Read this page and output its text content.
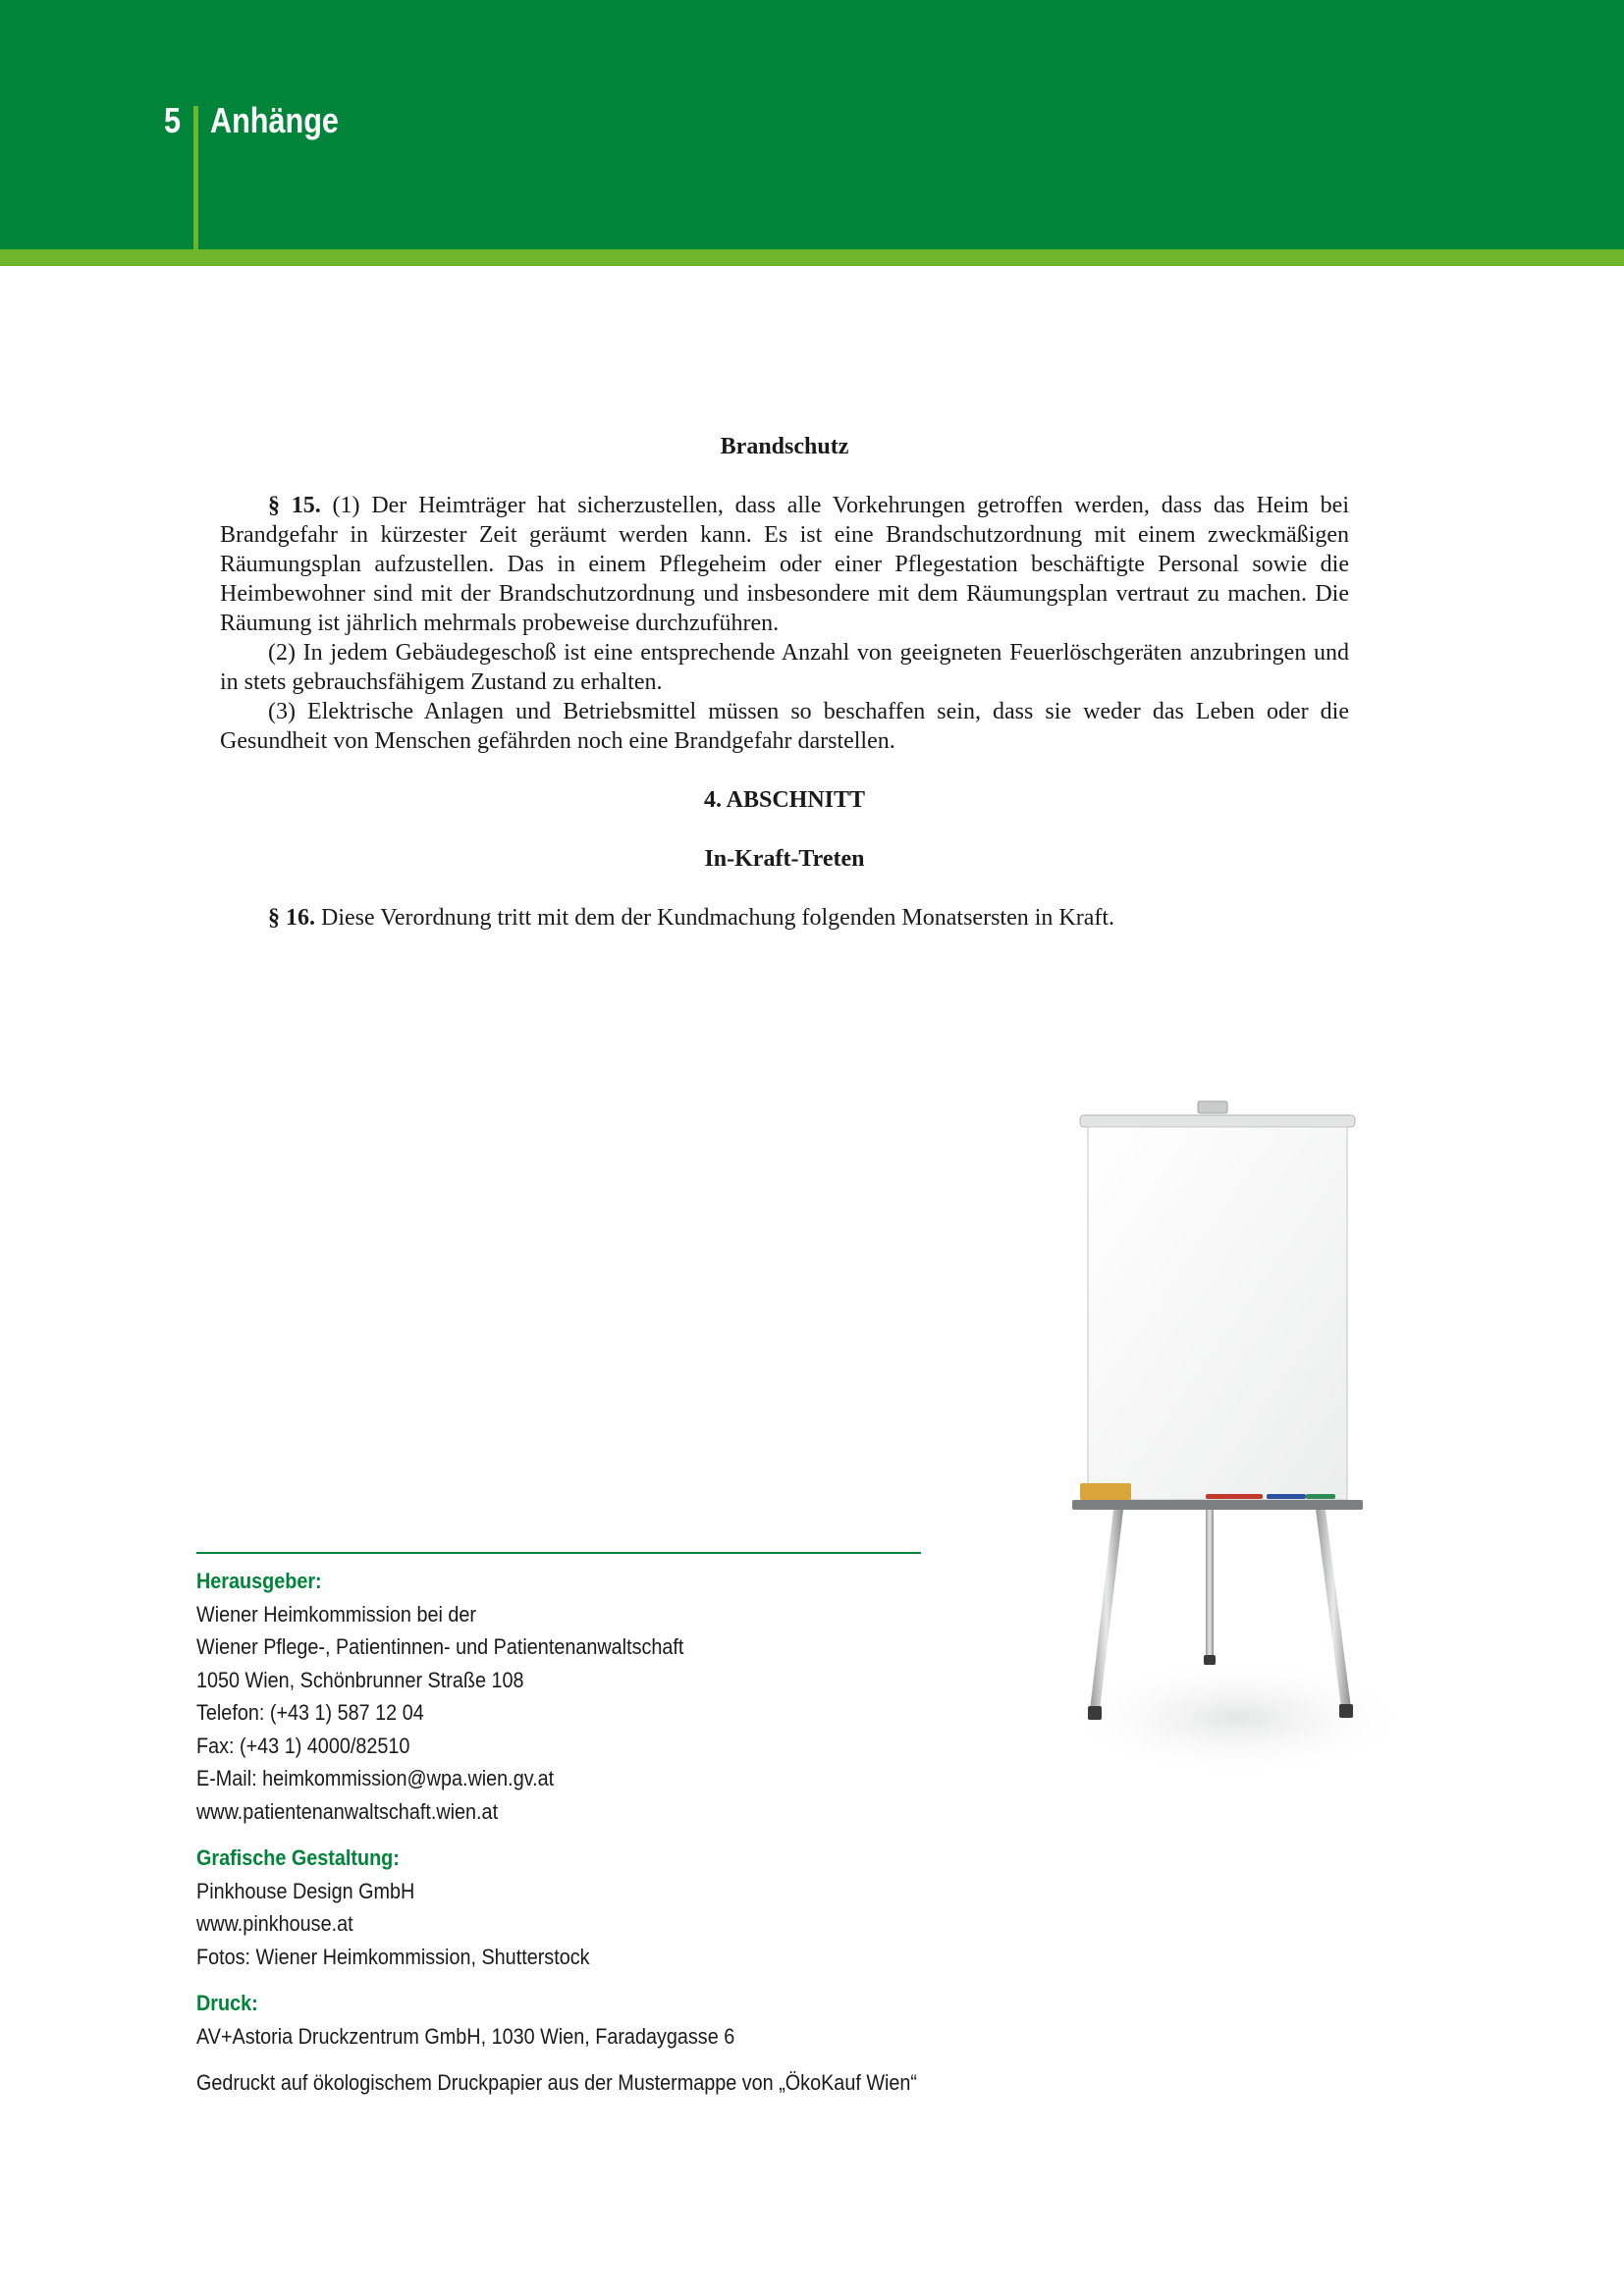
5 Anhänge

Brandschutz

§ 15. (1) Der Heimträger hat sicherzustellen, dass alle Vorkehrungen getroffen werden, dass das Heim bei Brandgefahr in kürzester Zeit geräumt werden kann. Es ist eine Brandschutzordnung mit einem zweckmäßigen Räumungsplan aufzustellen. Das in einem Pflegeheim oder einer Pflegestation beschäftigte Personal sowie die Heimbewohner sind mit der Brandschutzordnung und insbesondere mit dem Räumungsplan vertraut zu machen. Die Räumung ist jährlich mehrmals probeweise durchzuführen.

(2) In jedem Gebäudegeschoß ist eine entsprechende Anzahl von geeigneten Feuerlöschgeräten anzubringen und in stets gebrauchsfähigem Zustand zu erhalten.

(3) Elektrische Anlagen und Betriebsmittel müssen so beschaffen sein, dass sie weder das Leben oder die Gesundheit von Menschen gefährden noch eine Brandgefahr darstellen.

4. ABSCHNITT

In-Kraft-Treten

§ 16. Diese Verordnung tritt mit dem der Kundmachung folgenden Monatsersten in Kraft.

Herausgeber:
Wiener Heimkommission bei der
Wiener Pflege-, Patientinnen- und Patientenanwaltschaft
1050 Wien, Schönbrunner Straße 108
Telefon: (+43 1) 587 12 04
Fax: (+43 1) 4000/82510
E-Mail: heimkommission@wpa.wien.gv.at
www.patientenanwaltschaft.wien.at
Grafische Gestaltung:
Pinkhouse Design GmbH
www.pinkhouse.at
Fotos: Wiener Heimkommission, Shutterstock
Druck:
AV+Astoria Druckzentrum GmbH, 1030 Wien, Faradaygasse 6
Gedruckt auf ökologischem Druckpapier aus der Mustermappe von „ÖkoKauf Wien“
